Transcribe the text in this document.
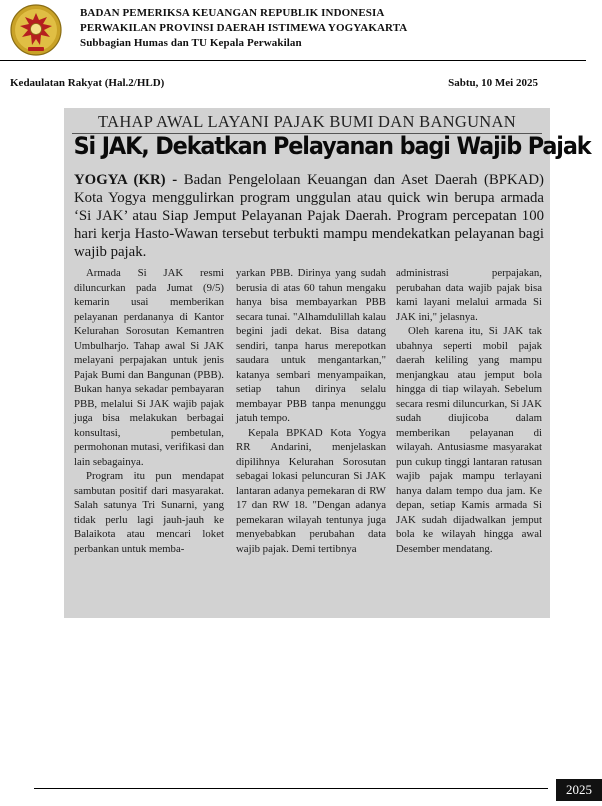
BADAN PEMERIKSA KEUANGAN REPUBLIK INDONESIA
PERWAKILAN PROVINSI DAERAH ISTIMEWA YOGYAKARTA
Subbagian Humas dan TU Kepala Perwakilan
Kedaulatan Rakyat (Hal.2/HLD)	Sabtu, 10 Mei 2025
TAHAP AWAL LAYANI PAJAK BUMI DAN BANGUNAN
Si JAK, Dekatkan Pelayanan bagi Wajib Pajak
YOGYA (KR) - Badan Pengelolaan Keuangan dan Aset Daerah (BPKAD) Kota Yogya menggulirkan program unggulan atau quick win berupa armada ‘Si JAK’ atau Siap Jemput Pelayanan Pajak Daerah. Program percepatan 100 hari kerja Hasto-Wawan tersebut terbukti mampu mendekatkan pelayanan bagi wajib pajak.

Armada Si JAK resmi diluncurkan pada Jumat (9/5) kemarin usai memberikan pelayanan perdananya di Kantor Kelurahan Sorosutan Kemantren Umbulharjo. Tahap awal Si JAK melayani perpajakan untuk jenis Pajak Bumi dan Bangunan (PBB). Bukan hanya sekadar pembayaran PBB, melalui Si JAK wajib pajak juga bisa melakukan berbagai konsultasi, pembetulan, permohonan mutasi, verifikasi dan lain sebagainya.

Program itu pun mendapat sambutan positif dari masyarakat. Salah satunya Tri Sunarni, yang tidak perlu lagi jauh-jauh ke Balaikota atau mencari loket perbankan untuk memba-

yarkan PBB. Dirinya yang sudah berusia di atas 60 tahun mengaku hanya bisa membayarkan PBB secara tunai. "Alhamdulillah kalau begini jadi dekat. Bisa datang sendiri, tanpa harus merepotkan saudara untuk mengantarkan," katanya sembari menyampaikan, setiap tahun dirinya selalu membayar PBB tanpa menunggu jatuh tempo.

Kepala BPKAD Kota Yogya RR Andarini, menjelaskan dipilihnya Kelurahan Sorosutan sebagai lokasi peluncuran Si JAK lantaran adanya pemekaran di RW 17 dan RW 18. "Dengan adanya pemekaran wilayah tentunya juga menyebabkan perubahan data wajib pajak. Demi tertibnya

administrasi perpajakan, perubahan data wajib pajak bisa kami layani melalui armada Si JAK ini," jelasnya.

Oleh karena itu, Si JAK tak ubahnya seperti mobil pajak daerah keliling yang mampu menjangkau atau jemput bola hingga di tiap wilayah. Sebelum secara resmi diluncurkan, Si JAK sudah diujicoba dalam memberikan pelayanan di wilayah. Antusiasme masyarakat pun cukup tinggi lantaran ratusan wajib pajak mampu terlayani hanya dalam tempo dua jam. Ke depan, setiap Kamis armada Si JAK sudah dijadwalkan jemput bola ke wilayah hingga awal Desember mendatang.

2025
